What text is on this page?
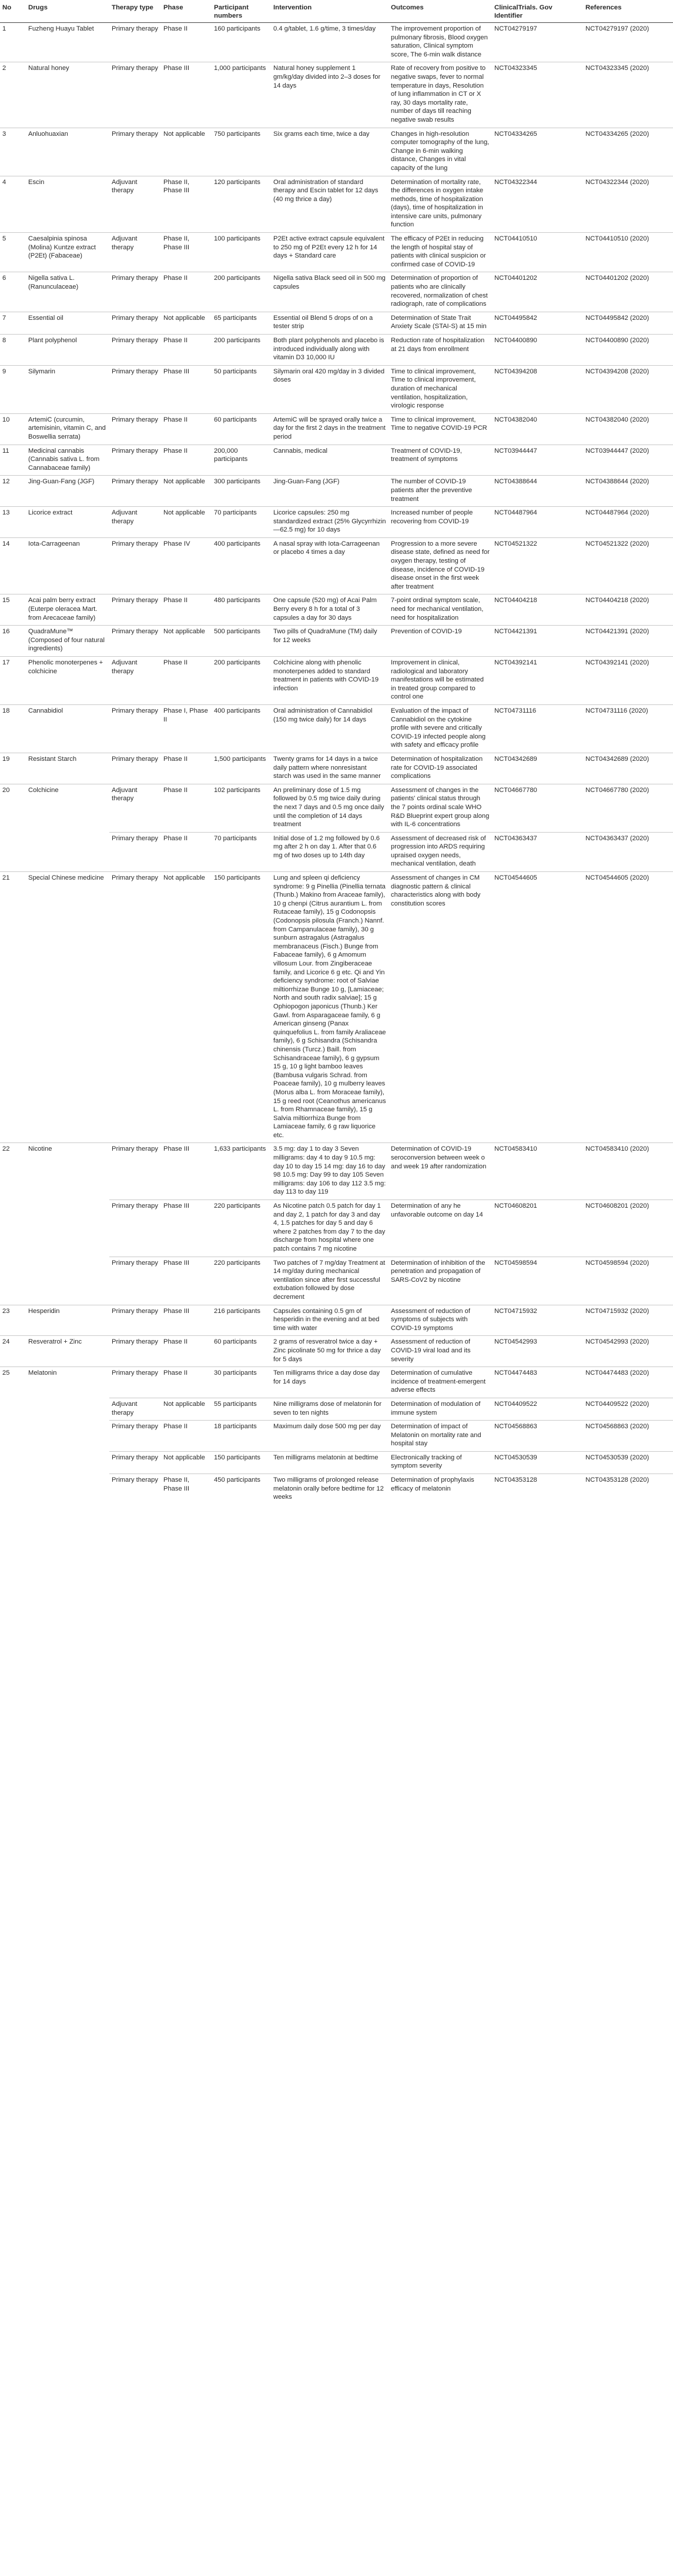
No	Drugs	Therapy type	Phase	Participant numbers	Intervention	Outcomes	ClinicalTrials. Gov Identifier	References
1	Fuzheng Huayu Tablet	Primary therapy	Phase II	160 participants	0.4 g/tablet, 1.6 g/time, 3 times/day	The improvement proportion of pulmonary fibrosis, Blood oxygen saturation, Clinical symptom score, The 6-min walk distance	NCT04279197	NCT04279197 (2020)
2	Natural honey	Primary therapy	Phase III	1,000 participants	Natural honey supplement 1 gm/kg/day divided into 2–3 doses for 14 days	Rate of recovery from positive to negative swaps, fever to normal temperature in days, Resolution of lung inflammation in CT or X ray, 30 days mortality rate, number of days till reaching negative swab results	NCT04323345	NCT04323345 (2020)
3	Anluohuaxian	Primary therapy	Not applicable	750 participants	Six grams each time, twice a day	Changes in high-resolution computer tomography of the lung, Change in 6-min walking distance, Changes in vital capacity of the lung	NCT04334265	NCT04334265 (2020)
4	Escin	Adjuvant therapy	Phase II, Phase III	120 participants	Oral administration of standard therapy and Escin tablet for 12 days (40 mg thrice a day)	Determination of mortality rate, the differences in oxygen intake methods, time of hospitalization (days), time of hospitalization in intensive care units, pulmonary function	NCT04322344	NCT04322344 (2020)
5	Caesalpinia spinosa (Molina) Kuntze extract (P2Et) (Fabaceae)	Adjuvant therapy	Phase II, Phase III	100 participants	P2Et active extract capsule equivalent to 250 mg of P2Et every 12 h for 14 days + Standard care	The efficacy of P2Et in reducing the length of hospital stay of patients with clinical suspicion or confirmed case of COVID-19	NCT04410510	NCT04410510 (2020)
6	Nigella sativa L. (Ranunculaceae)	Primary therapy	Phase II	200 participants	Nigella sativa Black seed oil in 500 mg capsules	Determination of proportion of patients who are clinically recovered, normalization of chest radiograph, rate of complications	NCT04401202	NCT04401202 (2020)
7	Essential oil	Primary therapy	Not applicable	65 participants	Essential oil Blend 5 drops of on a tester strip	Determination of State Trait Anxiety Scale (STAI-S) at 15 min	NCT04495842	NCT04495842 (2020)
8	Plant polyphenol	Primary therapy	Phase II	200 participants	Both plant polyphenols and placebo is introduced individually along with vitamin D3 10,000 IU	Reduction rate of hospitalization at 21 days from enrollment	NCT04400890	NCT04400890 (2020)
9	Silymarin	Primary therapy	Phase III	50 participants	Silymarin oral 420 mg/day in 3 divided doses	Time to clinical improvement, Time to clinical improvement, duration of mechanical ventilation, hospitalization, virologic response	NCT04394208	NCT04394208 (2020)
10	ArtemiC (curcumin, artemisinin, vitamin C, and Boswellia serrata)	Primary therapy	Phase II	60 participants	ArtemiC will be sprayed orally twice a day for the first 2 days in the treatment period	Time to clinical improvement, Time to negative COVID-19 PCR	NCT04382040	NCT04382040 (2020)
11	Medicinal cannabis (Cannabis sativa L. from Cannabaceae family)	Primary therapy	Phase II	200,000 participants	Cannabis, medical	Treatment of COVID-19, treatment of symptoms	NCT03944447	NCT03944447 (2020)
12	Jing-Guan-Fang (JGF)	Primary therapy	Not applicable	300 participants	Jing-Guan-Fang (JGF)	The number of COVID-19 patients after the preventive treatment	NCT04388644	NCT04388644 (2020)
13	Licorice extract	Adjuvant therapy	Not applicable	70 participants	Licorice capsules: 250 mg standardized extract (25% Glycyrrhizin—62.5 mg) for 10 days	Increased number of people recovering from COVID-19	NCT04487964	NCT04487964 (2020)
14	Iota-Carrageenan	Primary therapy	Phase IV	400 participants	A nasal spray with Iota-Carrageenan or placebo 4 times a day	Progression to a more severe disease state, defined as need for oxygen therapy, testing of disease, incidence of COVID-19 disease onset in the first week after treatment	NCT04521322	NCT04521322 (2020)
15	Acai palm berry extract (Euterpe oleracea Mart. from Arecaceae family)	Primary therapy	Phase II	480 participants	One capsule (520 mg) of Acai Palm Berry every 8 h for a total of 3 capsules a day for 30 days	7-point ordinal symptom scale, need for mechanical ventilation, need for hospitalization	NCT04404218	NCT04404218 (2020)
16	QuadraMune™ (Composed of four natural ingredients)	Primary therapy	Not applicable	500 participants	Two pills of QuadraMune (TM) daily for 12 weeks	Prevention of COVID-19	NCT04421391	NCT04421391 (2020)
17	Phenolic monoterpenes + colchicine	Adjuvant therapy	Phase II	200 participants	Colchicine along with phenolic monoterpenes added to standard treatment in patients with COVID-19 infection	Improvement in clinical, radiological and laboratory manifestations will be estimated in treated group compared to control one	NCT04392141	NCT04392141 (2020)
18	Cannabidiol	Primary therapy	Phase I, Phase II	400 participants	Oral administration of Cannabidiol (150 mg twice daily) for 14 days	Evaluation of the impact of Cannabidiol on the cytokine profile with severe and critically COVID-19 infected people along with safety and efficacy profile	NCT04731116	NCT04731116 (2020)
19	Resistant Starch	Primary therapy	Phase II	1,500 participants	Twenty grams for 14 days in a twice daily pattern where nonresistant starch was used in the same manner	Determination of hospitalization rate for COVID-19 associated complications	NCT04342689	NCT04342689 (2020)
20	Colchicine	Adjuvant therapy	Phase II	102 participants	An preliminary dose of 1.5 mg followed by 0.5 mg twice daily during the next 7 days and 0.5 mg once daily until the completion of 14 days treatment	Assessment of changes in the patients' clinical status through the 7 points ordinal scale WHO R&D Blueprint expert group along with IL-6 concentrations	NCT04667780	NCT04667780 (2020)
		Primary therapy	Phase II	70 participants	Initial dose of 1.2 mg followed by 0.6 mg after 2 h on day 1. After that 0.6 mg of two doses up to 14th day	Assessment of decreased risk of progression into ARDS requiring upraised oxygen needs, mechanical ventilation, death	NCT04363437	NCT04363437 (2020)
21	Special Chinese medicine	Primary therapy	Not applicable	150 participants	Lung and spleen qi deficiency syndrome: 9 g Pinellia (Pinellia ternata (Thunb.) Makino from Araceae family), 10 g chenpi (Citrus aurantium L. from Rutaceae family), 15 g Codonopsis (Codonopsis pilosula (Franch.) Nannf. from Campanulaceae family), 30 g sunburn astragalus (Astragalus membranaceus (Fisch.) Bunge from Fabaceae family), 6 g Amomum villosum Lour. from Zingiberaceae family, and Licorice 6 g etc. Qi and Yin deficiency syndrome: root of Salviae miltiorrhizae Bunge 10 g, [Lamiaceae; North and south radix salviae]; 15 g Ophiopogon japonicus (Thunb.) Ker Gawl. from Asparagaceae family, 6 g American ginseng (Panax quinquefolius L. from family Araliaceae family), 6 g Schisandra (Schisandra chinensis (Turcz.) Baill. from Schisandraceae family), 6 g gypsum 15 g, 10 g light bamboo leaves (Bambusa vulgaris Schrad. from Poaceae family), 10 g mulberry leaves (Morus alba L. from Moraceae family), 15 g reed root (Ceanothus americanus L. from Rhamnaceae family), 15 g Salvia miltiorrhiza Bunge from Lamiaceae family, 6 g raw liquorice etc.	Assessment of changes in CM diagnostic pattern & clinical characteristics along with body constitution scores	NCT04544605	NCT04544605 (2020)
22	Nicotine	Primary therapy	Phase III	1,633 participants	3.5 mg: day 1 to day 3 Seven milligrams: day 4 to day 9 10.5 mg: day 10 to day 15 14 mg: day 16 to day 98 10.5 mg: Day 99 to day 105 Seven milligrams: day 106 to day 112 3.5 mg: day 113 to day 119	Determination of COVID-19 seroconversion between week o and week 19 after randomization	NCT04583410	NCT04583410 (2020)
		Primary therapy	Phase III	220 participants	As Nicotine patch 0.5 patch for day 1 and day 2, 1 patch for day 3 and day 4, 1.5 patches for day 5 and day 6 where 2 patches from day 7 to the day discharge from hospital where one patch contains 7 mg nicotine	Determination of any he unfavorable outcome on day 14	NCT04608201	NCT04608201 (2020)
		Primary therapy	Phase III	220 participants	Two patches of 7 mg/day Treatment at 14 mg/day during mechanical ventilation since after first successful extubation followed by dose decrement	Determination of inhibition of the penetration and propagation of SARS-CoV2 by nicotine	NCT04598594	NCT04598594 (2020)
23	Hesperidin	Primary therapy	Phase III	216 participants	Capsules containing 0.5 gm of hesperidin in the evening and at bed time with water	Assessment of reduction of symptoms of subjects with COVID-19 symptoms	NCT04715932	NCT04715932 (2020)
24	Resveratrol + Zinc	Primary therapy	Phase II	60 participants	2 grams of resveratrol twice a day + Zinc picolinate 50 mg for thrice a day for 5 days	Assessment of reduction of COVID-19 viral load and its severity	NCT04542993	NCT04542993 (2020)
25	Melatonin	Primary therapy	Phase II	30 participants	Ten milligrams thrice a day dose day for 14 days	Determination of cumulative incidence of treatment-emergent adverse effects	NCT04474483	NCT04474483 (2020)
		Adjuvant therapy	Not applicable	55 participants	Nine milligrams dose of melatonin for seven to ten nights	Determination of modulation of immune system	NCT04409522	NCT04409522 (2020)
		Primary therapy	Phase II	18 participants	Maximum daily dose 500 mg per day	Determination of impact of Melatonin on mortality rate and hospital stay	NCT04568863	NCT04568863 (2020)
		Primary therapy	Not applicable	150 participants	Ten milligrams melatonin at bedtime	Electronically tracking of symptom severity	NCT04530539	NCT04530539 (2020)
		Primary therapy	Phase II, Phase III	450 participants	Two milligrams of prolonged release melatonin orally before bedtime for 12 weeks	Determination of prophylaxis efficacy of melatonin	NCT04353128	NCT04353128 (2020)
